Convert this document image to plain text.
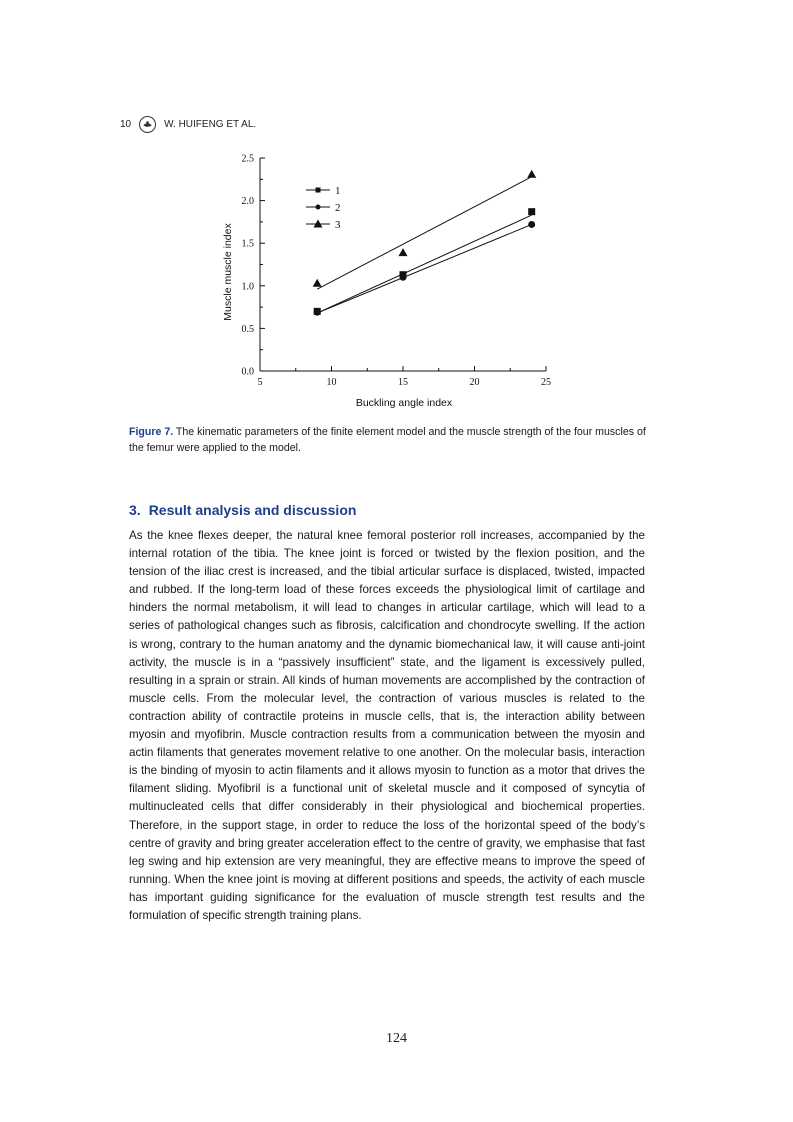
10	W. HUIFENG ET AL.
0.0
0.5
1.0
1.5
2.0
2.5
5	10	15	20	25
1
2
3
Buckling angle index
Muscle muscle index
Figure 7. The kinematic parameters of the finite element model and the muscle strength of the four muscles of the femur were applied to the model.
3. Result analysis and discussion

As the knee flexes deeper, the natural knee femoral posterior roll increases, accompanied by the internal rotation of the tibia. The knee joint is forced or twisted by the flexion position, and the tension of the iliac crest is increased, and the tibial articular surface is displaced, twisted, impacted and rubbed. If the long-term load of these forces exceeds the physiological limit of cartilage and hinders the normal metabolism, it will lead to changes in articular cartilage, which will lead to a series of pathological changes such as fibrosis, calcification and chondrocyte swelling. If the action is wrong, contrary to the human anatomy and the dynamic biomechanical law, it will cause anti-joint activity, the muscle is in a “passively insufficient” state, and the ligament is excessively pulled, resulting in a sprain or strain. All kinds of human movements are accomplished by the contraction of muscle cells. From the molecular level, the contraction of various muscles is related to the contraction ability of contractile proteins in muscle cells, that is, the interaction ability between myosin and myofibrin. Muscle contraction results from a communication between the myosin and actin filaments that generates movement relative to one another. On the molecular basis, interaction is the binding of myosin to actin filaments and it allows myosin to function as a motor that drives the filament sliding. Myofibril is a functional unit of skeletal muscle and it composed of syncytia of multinucleated cells that differ considerably in their physiological and biochemical properties. Therefore, in the support stage, in order to reduce the loss of the horizontal speed of the body’s centre of gravity and bring greater acceleration effect to the centre of gravity, we emphasise that fast leg swing and hip extension are very meaningful, they are effective means to improve the speed of running. When the knee joint is moving at different positions and speeds, the activity of each muscle has important guiding significance for the evaluation of muscle strength test results and the formulation of specific strength training plans.

124
